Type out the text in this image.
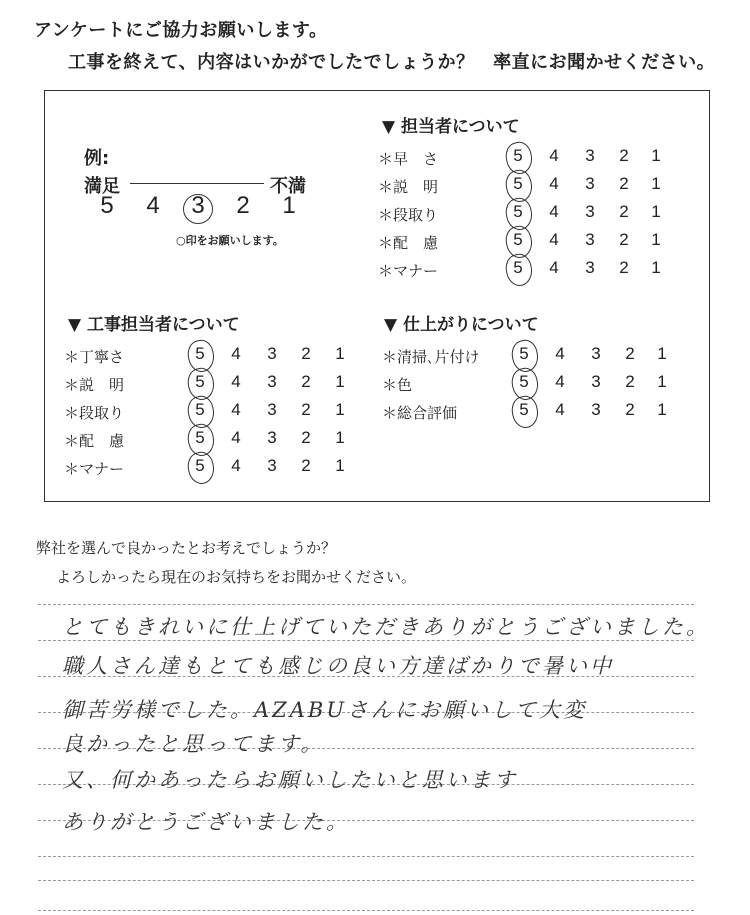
アンケートにご協力お願いします。
工事を終えて、内容はいかがでしたでしょうか？　率直にお聞かせください。
例:
満足	不満
5 4 3 2 1
○印をお願いします。
▼ 担当者について
▼ 工事担当者について	▼ 仕上がりについて
＊早　さ	5	4	3	2	1
＊説　明	5	4	3	2	1
＊段取り	5	4	3	2	1
＊配　慮	5	4	3	2	1
＊マナー	5	4	3	2	1
＊丁寧さ	5	4	3	2	1
＊説　明	5	4	3	2	1
＊段取り	5	4	3	2	1
＊配　慮	5	4	3	2	1
＊マナー	5	4	3	2	1
＊清掃､片付け	5	4	3	2	1
＊色	5	4	3	2	1
＊総合評価	5	4	3	2	1
弊社を選んで良かったとお考えでしょうか？
よろしかったら現在のお気持ちをお聞かせください。
とてもきれいに仕上げていただきありがとうございました。
職人さん達もとても感じの良い方達ばかりで暑い中
御苦労様でした。AZABUさんにお願いして大変
良かったと思ってます。
又、何かあったらお願いしたいと思います
ありがとうございました。
